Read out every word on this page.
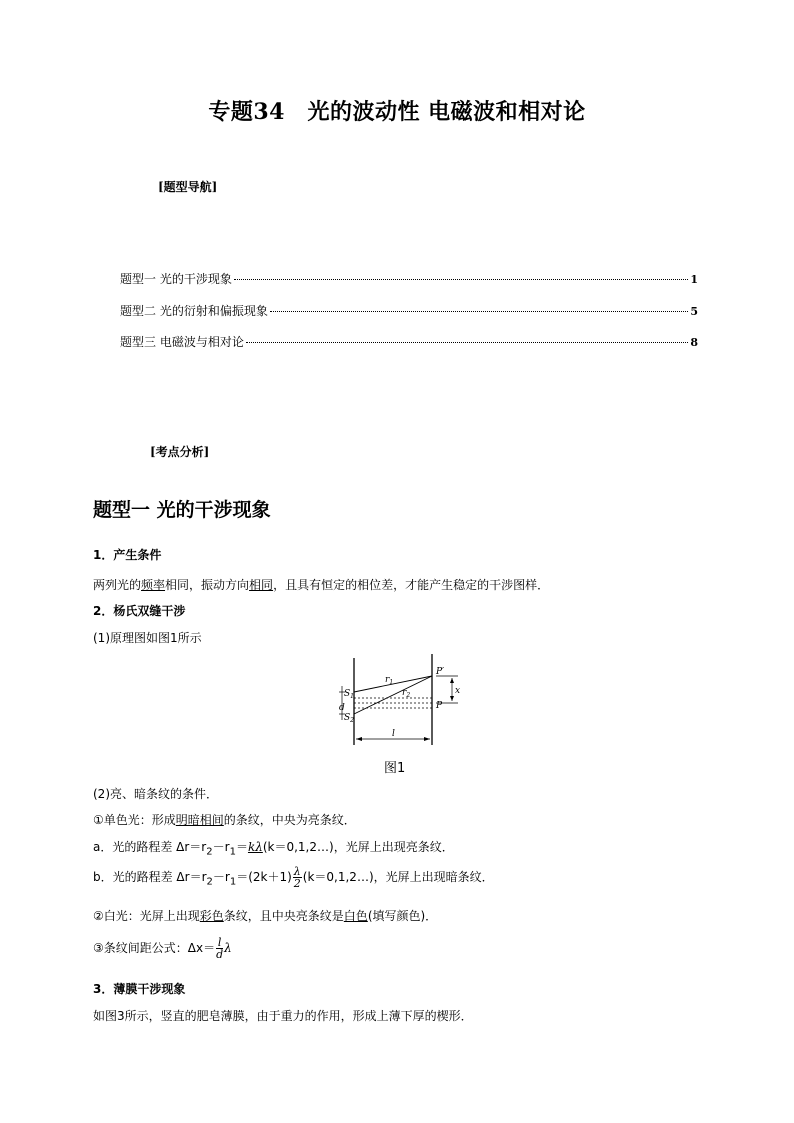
专题34　光的波动性 电磁波和相对论
[题型导航]
题型一 光的干涉现象	1
题型二 光的衍射和偏振现象	5
题型三 电磁波与相对论	8
[考点分析]
题型一 光的干涉现象
1．产生条件
两列光的频率相同，振动方向相同，且具有恒定的相位差，才能产生稳定的干涉图样．
2．杨氏双缝干涉
(1)原理图如图1所示
$S_1$
d
$S_2$
$r_1$
$r_2$
P′
P
x
l
图1
(2)亮、暗条纹的条件．
①单色光：形成明暗相间的条纹，中央为亮条纹．
a．光的路程差 $\Delta r=r_2-r_1=k\lambda(k=0,1,2\dots)$，光屏上出现亮条纹．
b．光的路程差 $\Delta r=r_2-r_1=(2k+1) \frac{\lambda}{2}$ (k＝0,1,2…)，光屏上出现暗条纹．
②白光：光屏上出现彩色条纹，且中央亮条纹是白色(填写颜色)．
③条纹间距公式：$\Delta x= \frac{l}{d}$ λ
3．薄膜干涉现象
如图3所示，竖直的肥皂薄膜，由于重力的作用，形成上薄下厚的楔形．
